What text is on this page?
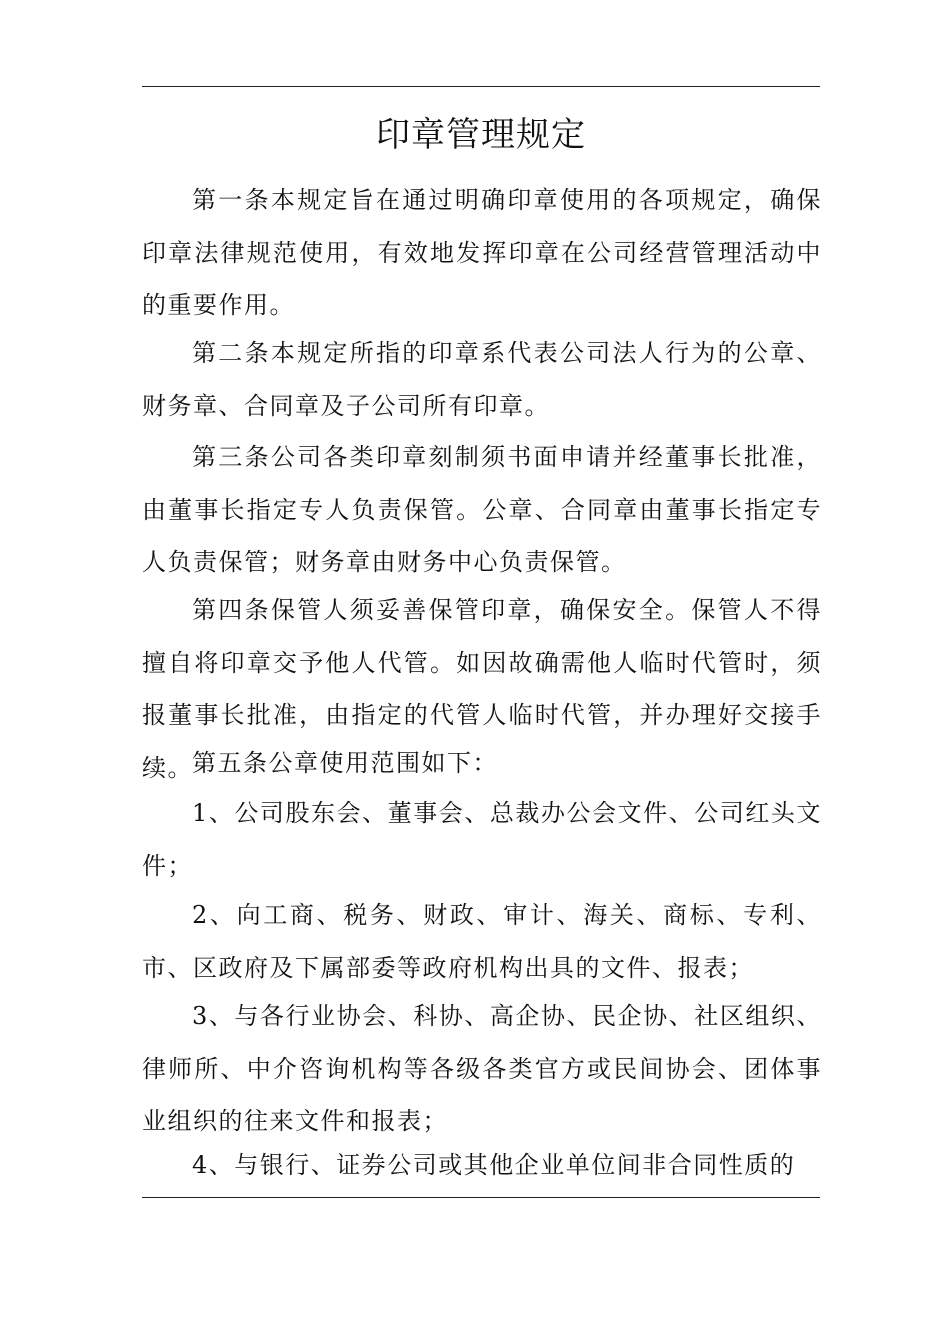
印章管理规定

第一条本规定旨在通过明确印章使用的各项规定，确保印章法律规范使用，有效地发挥印章在公司经营管理活动中的重要作用。

第二条本规定所指的印章系代表公司法人行为的公章、财务章、合同章及子公司所有印章。

第三条公司各类印章刻制须书面申请并经董事长批准，由董事长指定专人负责保管。公章、合同章由董事长指定专人负责保管；财务章由财务中心负责保管。

第四条保管人须妥善保管印章，确保安全。保管人不得擅自将印章交予他人代管。如因故确需他人临时代管时，须报董事长批准，由指定的代管人临时代管，并办理好交接手续。 第五条公章使用范围如下：

1、公司股东会、董事会、总裁办公会文件、公司红头文件；

2、向工商、税务、财政、审计、海关、商标、专利、市、区政府及下属部委等政府机构出具的文件、报表；

3、与各行业协会、科协、高企协、民企协、社区组织、律师所、中介咨询机构等各级各类官方或民间协会、团体事业组织的往来文件和报表；

4、与银行、证券公司或其他企业单位间非合同性质的
